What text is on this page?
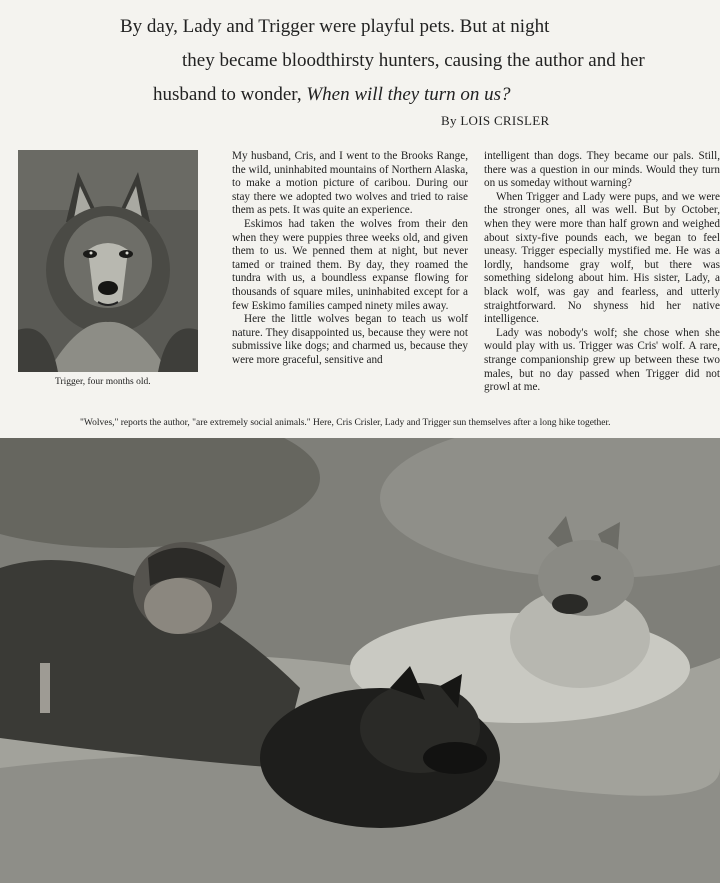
By day, Lady and Trigger were playful pets. But at night
they became bloodthirsty hunters, causing the author and her
husband to wonder, When will they turn on us?
By LOIS CRISLER
Trigger, four months old.

My husband, Cris, and I went to the Brooks Range, the wild, uninhabited mountains of Northern Alaska, to make a motion picture of caribou. During our stay there we adopted two wolves and tried to raise them as pets. It was quite an experience.

Eskimos had taken the wolves from their den when they were puppies three weeks old, and given them to us. We penned them at night, but never tamed or trained them. By day, they roamed the tundra with us, a boundless expanse flowing for thousands of square miles, uninhabited except for a few Eskimo families camped ninety miles away.

Here the little wolves began to teach us wolf nature. They disappointed us, because they were not submissive like dogs; and charmed us, because they were more graceful, sensitive and

intelligent than dogs. They became our pals. Still, there was a question in our minds. Would they turn on us someday without warning?

When Trigger and Lady were pups, and we were the stronger ones, all was well. But by October, when they were more than half grown and weighed about sixty-five pounds each, we began to feel uneasy. Trigger especially mystified me. He was a lordly, handsome gray wolf, but there was something sidelong about him. His sister, Lady, a black wolf, was gay and fearless, and utterly straightforward. No shyness hid her native intelligence.

Lady was nobody's wolf; she chose when she would play with us. Trigger was Cris' wolf. A rare, strange companionship grew up between these two males, but no day passed when Trigger did not growl at me.

"Wolves," reports the author, "are extremely social animals." Here, Cris Crisler, Lady and Trigger sun themselves after a long hike together.
